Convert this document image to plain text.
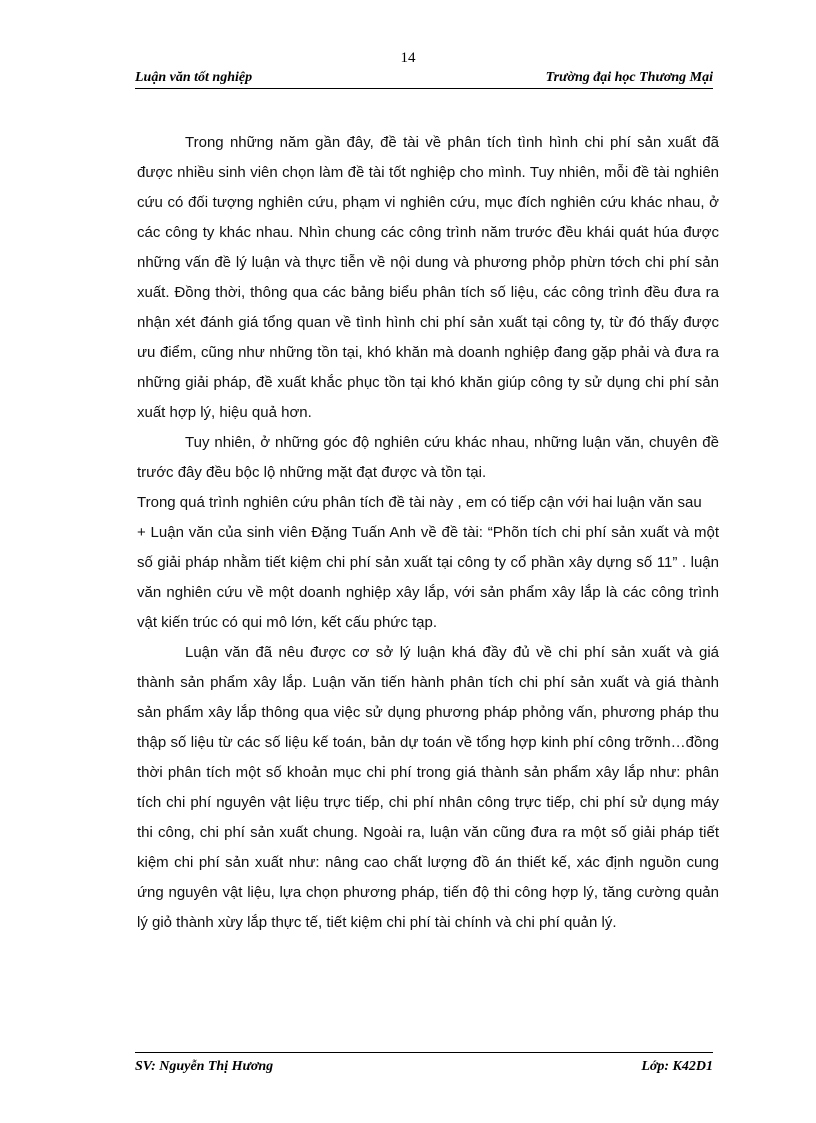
14
Luận văn tốt nghiệp	Trường đại học Thương Mại

Trong những năm gần đây, đề tài về phân tích tình hình chi phí sản xuất đã được nhiều sinh viên chọn làm đề tài tốt nghiệp cho mình. Tuy nhiên, mỗi đề tài nghiên cứu có đối tượng nghiên cứu, phạm vi nghiên cứu, mục đích nghiên cứu khác nhau, ở các công ty khác nhau. Nhìn chung các công trình năm trước đều khái quát húa được những vấn đề lý luận và thực tiễn về nội dung và phương phỏp phừn tớch chi phí sản xuất. Đồng thời, thông qua các bảng biểu phân tích số liệu, các công trình đều đưa ra nhận xét đánh giá tổng quan về tình hình chi phí sản xuất tại công ty, từ đó thấy được ưu điểm, cũng như những tồn tại, khó khăn mà doanh nghiệp đang gặp phải và đưa ra những giải pháp, đề xuất khắc phục tồn tại khó khăn giúp công ty sử dụng chi phí sản xuất hợp lý, hiệu quả hơn.

Tuy nhiên, ở những góc độ nghiên cứu khác nhau, những luận văn, chuyên đề trước đây đều bộc lộ những mặt đạt được và tồn tại.

Trong quá trình nghiên cứu phân tích đề tài này , em có tiếp cận với hai luận văn sau

+ Luận văn của sinh viên Đặng Tuấn Anh về đề tài: “Phõn tích chi phí sản xuất và một số giải pháp nhằm tiết kiệm chi phí sản xuất tại công ty cổ phần xây dựng số 11” . luận văn nghiên cứu về một doanh nghiệp xây lắp, với sản phẩm xây lắp là các công trình vật kiến trúc có qui mô lớn, kết cấu phức tạp.

Luận văn đã nêu được cơ sở lý luận khá đầy đủ về chi phí sản xuất và giá thành sản phẩm xây lắp. Luận văn tiến hành phân tích chi phí sản xuất và giá thành sản phẩm xây lắp thông qua việc sử dụng phương pháp phỏng vấn, phương pháp thu thập số liệu từ các số liệu kế toán, bản dự toán về tổng hợp kinh phí công trỡnh…đồng thời phân tích một số khoản mục chi phí trong giá thành sản phẩm xây lắp như: phân tích chi phí nguyên vật liệu trực tiếp, chi phí nhân công trực tiếp, chi phí sử dụng máy thi công, chi phí sản xuất chung. Ngoài ra, luận văn cũng đưa ra một số giải pháp tiết kiệm chi phí sản xuất như: nâng cao chất lượng đồ án thiết kế, xác định nguồn cung ứng nguyên vật liệu, lựa chọn phương pháp, tiến độ thi công hợp lý, tăng cường quản lý giỏ thành xừy lắp thực tế, tiết kiệm chi phí tài chính và chi phí quản lý.

SV: Nguyễn Thị Hương	Lớp: K42D1
